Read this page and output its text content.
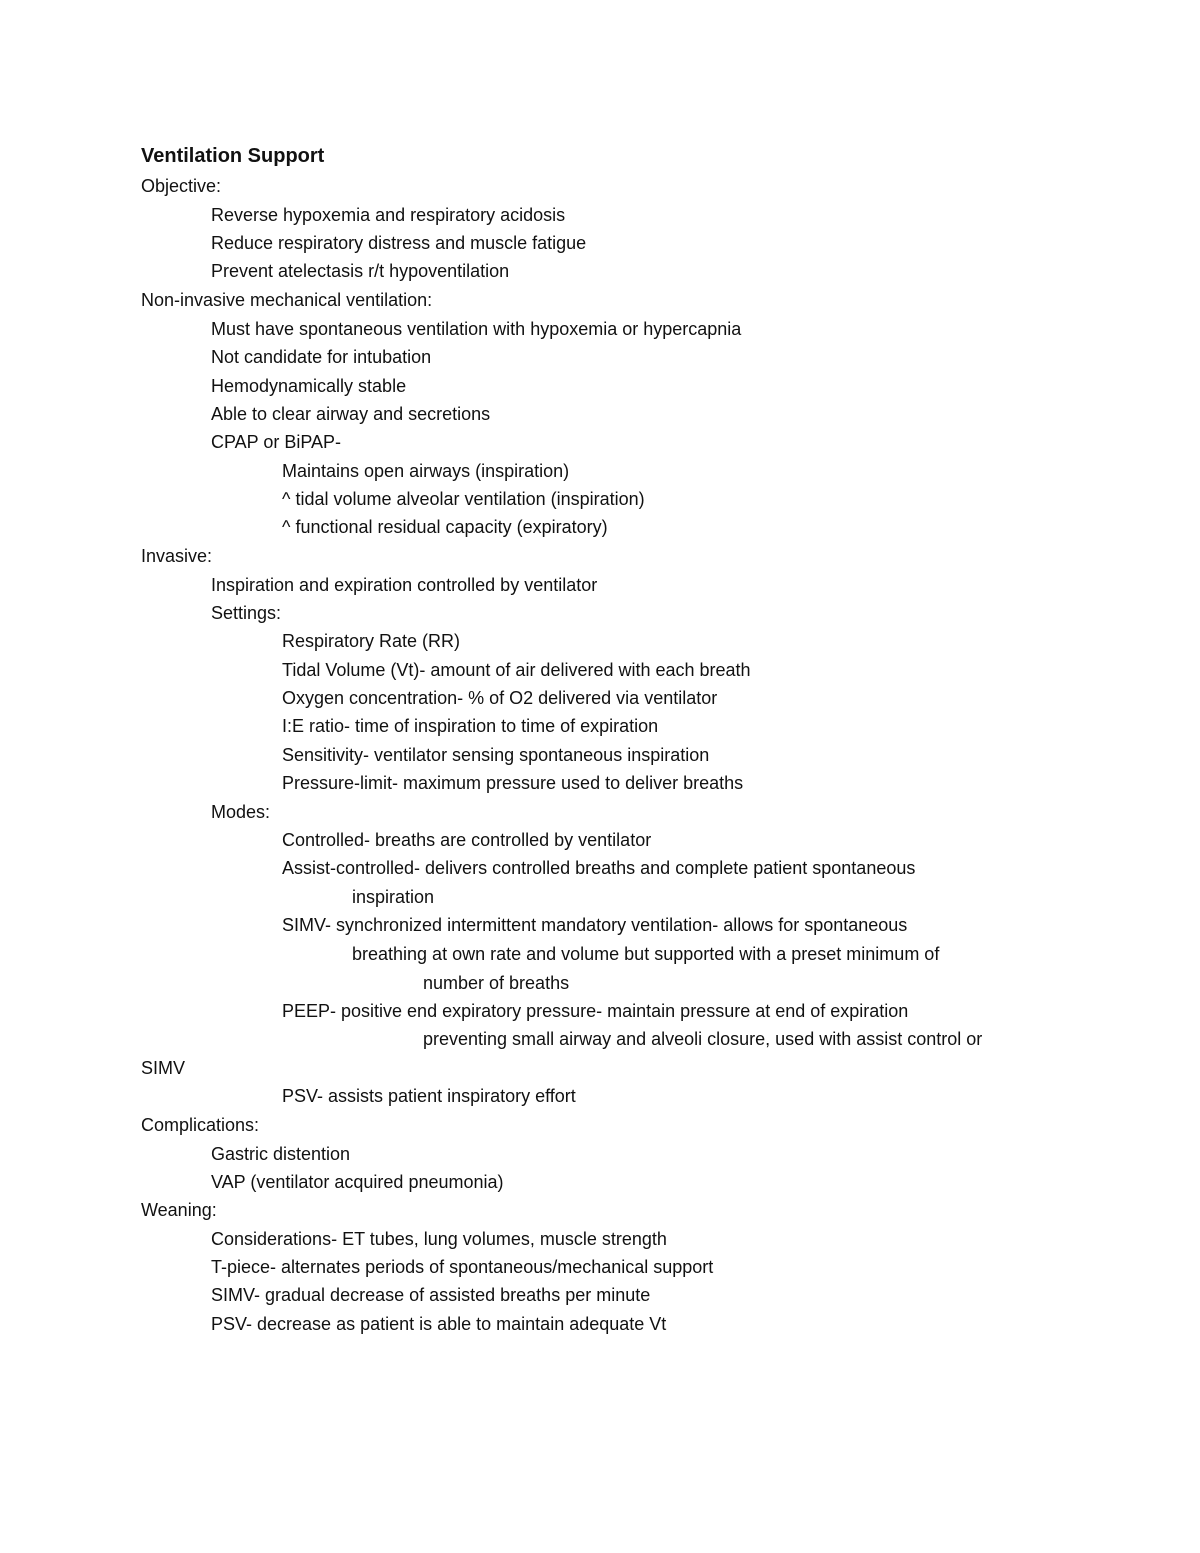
Ventilation Support
Objective:
Reverse hypoxemia and respiratory acidosis
Reduce respiratory distress and muscle fatigue
Prevent atelectasis r/t hypoventilation
Non-invasive mechanical ventilation:
Must have spontaneous ventilation with hypoxemia or hypercapnia
Not candidate for intubation
Hemodynamically stable
Able to clear airway and secretions
CPAP or BiPAP-
Maintains open airways (inspiration)
^ tidal volume alveolar ventilation (inspiration)
^ functional residual capacity (expiratory)
Invasive:
Inspiration and expiration controlled by ventilator
Settings:
Respiratory Rate (RR)
Tidal Volume (Vt)- amount of air delivered with each breath
Oxygen concentration- % of O2 delivered via ventilator
I:E ratio- time of inspiration to time of expiration
Sensitivity- ventilator sensing spontaneous inspiration
Pressure-limit- maximum pressure used to deliver breaths
Modes:
Controlled- breaths are controlled by ventilator
Assist-controlled- delivers controlled breaths and complete patient spontaneous
inspiration
SIMV- synchronized intermittent mandatory ventilation- allows for spontaneous
breathing at own rate and volume but supported with a preset minimum of
number of breaths
PEEP- positive end expiratory pressure- maintain pressure at end of expiration
preventing small airway and alveoli closure, used with assist control or
SIMV
PSV- assists patient inspiratory effort
Complications:
Gastric distention
VAP (ventilator acquired pneumonia)
Weaning:
Considerations- ET tubes, lung volumes, muscle strength
T-piece- alternates periods of spontaneous/mechanical support
SIMV- gradual decrease of assisted breaths per minute
PSV- decrease as patient is able to maintain adequate Vt
